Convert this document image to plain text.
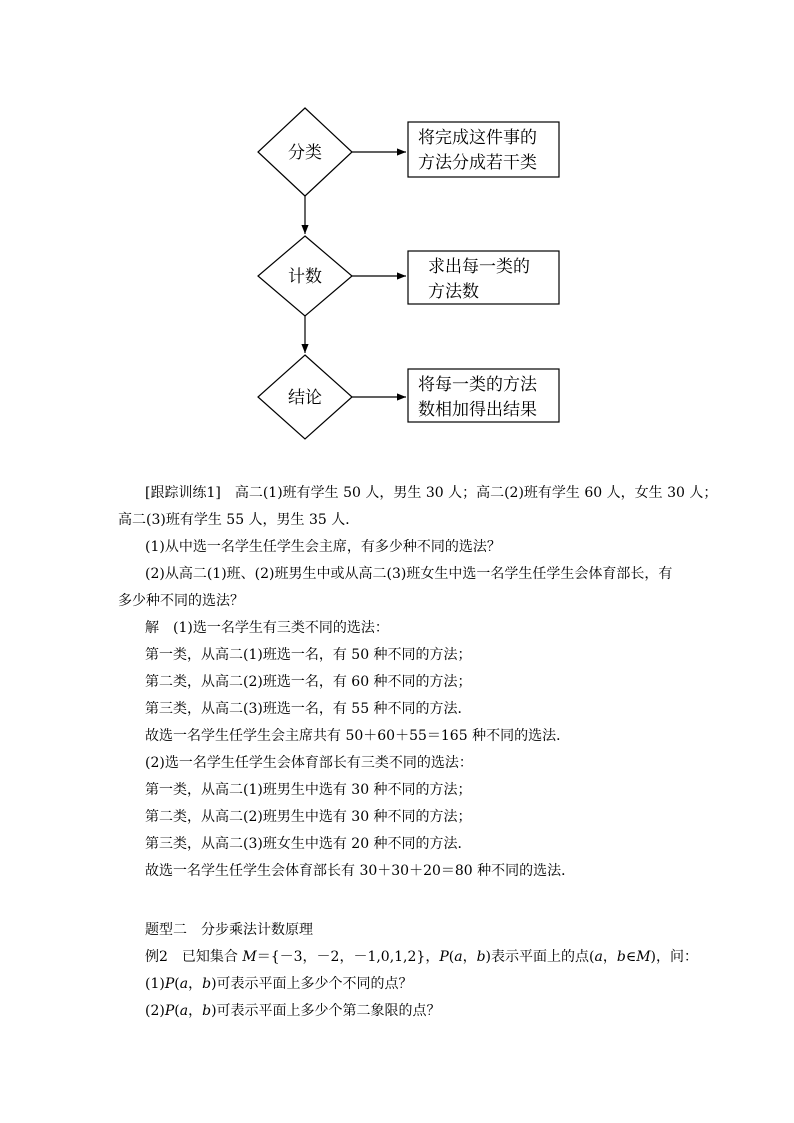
分类
将完成这件事的
方法分成若干类
计数	求出每一类的
方法数
结论
将每一类的方法
数相加得出结果
[跟踪训练1]　高二(1)班有学生 50 人，男生 30 人；高二(2)班有学生 60 人，女生 30 人；
高二(3)班有学生 55 人，男生 35 人．
(1)从中选一名学生任学生会主席，有多少种不同的选法？
(2)从高二(1)班、(2)班男生中或从高二(3)班女生中选一名学生任学生会体育部长，有
多少种不同的选法？
解　(1)选一名学生有三类不同的选法：
第一类，从高二(1)班选一名，有 50 种不同的方法；
第二类，从高二(2)班选一名，有 60 种不同的方法；
第三类，从高二(3)班选一名，有 55 种不同的方法．
故选一名学生任学生会主席共有 50＋60＋55＝165 种不同的选法．
(2)选一名学生任学生会体育部长有三类不同的选法：
第一类，从高二(1)班男生中选有 30 种不同的方法；
第二类，从高二(2)班男生中选有 30 种不同的方法；
第三类，从高二(3)班女生中选有 20 种不同的方法．
故选一名学生任学生会体育部长有 30＋30＋20＝80 种不同的选法．
题型二　分步乘法计数原理
例2　已知集合 M＝{－3，－2，－1,0,1,2}，P(a，b)表示平面上的点(a，b∈M)，问：
(1)P(a，b)可表示平面上多少个不同的点？
(2)P(a，b)可表示平面上多少个第二象限的点？
